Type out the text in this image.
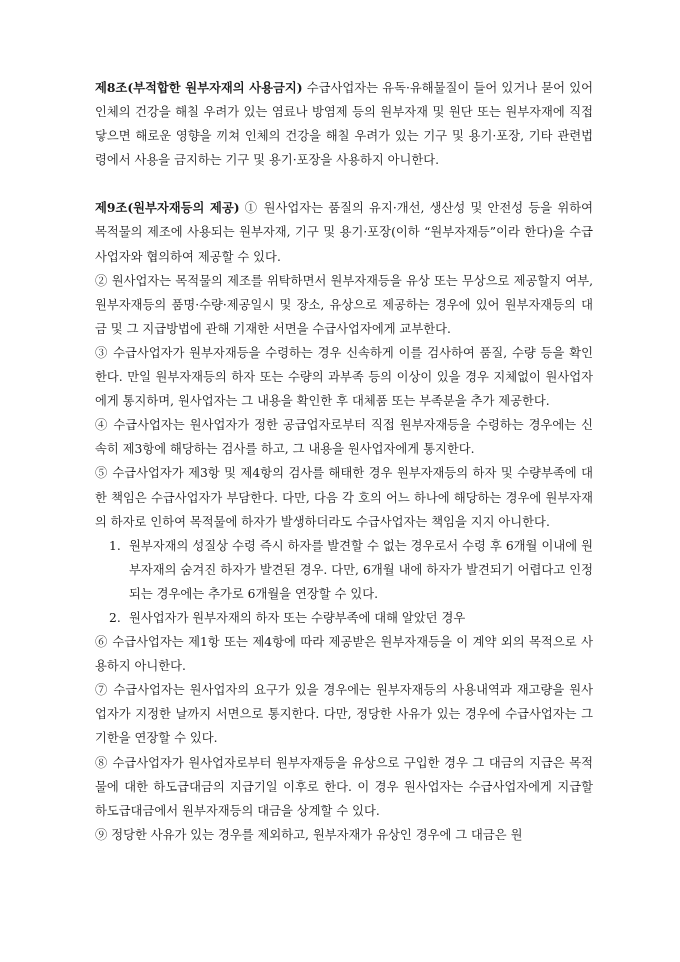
제8조(부적합한 원부자재의 사용금지) 수급사업자는 유독·유해물질이 들어 있거나 묻어 있어 인체의 건강을 해칠 우려가 있는 염료나 방염제 등의 원부자재 및 원단 또는 원부자재에 직접 닿으면 해로운 영향을 끼쳐 인체의 건강을 해칠 우려가 있는 기구 및 용기·포장, 기타 관련법령에서 사용을 금지하는 기구 및 용기·포장을 사용하지 아니한다.

제9조(원부자재등의 제공) ① 원사업자는 품질의 유지·개선, 생산성 및 안전성 등을 위하여 목적물의 제조에 사용되는 원부자재, 기구 및 용기·포장(이하 “원부자재등”이라 한다)을 수급사업자와 협의하여 제공할 수 있다.

② 원사업자는 목적물의 제조를 위탁하면서 원부자재등을 유상 또는 무상으로 제공할지 여부, 원부자재등의 품명·수량·제공일시 및 장소, 유상으로 제공하는 경우에 있어 원부자재등의 대금 및 그 지급방법에 관해 기재한 서면을 수급사업자에게 교부한다.

③ 수급사업자가 원부자재등을 수령하는 경우 신속하게 이를 검사하여 품질, 수량 등을 확인한다. 만일 원부자재등의 하자 또는 수량의 과부족 등의 이상이 있을 경우 지체없이 원사업자에게 통지하며, 원사업자는 그 내용을 확인한 후 대체품 또는 부족분을 추가 제공한다.

④ 수급사업자는 원사업자가 정한 공급업자로부터 직접 원부자재등을 수령하는 경우에는 신속히 제3항에 해당하는 검사를 하고, 그 내용을 원사업자에게 통지한다.

⑤ 수급사업자가 제3항 및 제4항의 검사를 해태한 경우 원부자재등의 하자 및 수량부족에 대한 책임은 수급사업자가 부담한다. 다만, 다음 각 호의 어느 하나에 해당하는 경우에 원부자재의 하자로 인하여 목적물에 하자가 발생하더라도 수급사업자는 책임을 지지 아니한다.

1. 원부자재의 성질상 수령 즉시 하자를 발견할 수 없는 경우로서 수령 후 6개월 이내에 원부자재의 숨겨진 하자가 발견된 경우. 다만, 6개월 내에 하자가 발견되기 어렵다고 인정되는 경우에는 추가로 6개월을 연장할 수 있다.
2. 원사업자가 원부자재의 하자 또는 수량부족에 대해 알았던 경우

⑥ 수급사업자는 제1항 또는 제4항에 따라 제공받은 원부자재등을 이 계약 외의 목적으로 사용하지 아니한다.

⑦ 수급사업자는 원사업자의 요구가 있을 경우에는 원부자재등의 사용내역과 재고량을 원사업자가 지정한 날까지 서면으로 통지한다. 다만, 정당한 사유가 있는 경우에 수급사업자는 그 기한을 연장할 수 있다.

⑧ 수급사업자가 원사업자로부터 원부자재등을 유상으로 구입한 경우 그 대금의 지급은 목적물에 대한 하도급대금의 지급기일 이후로 한다. 이 경우 원사업자는 수급사업자에게 지급할 하도급대금에서 원부자재등의 대금을 상계할 수 있다.

⑨ 정당한 사유가 있는 경우를 제외하고, 원부자재가 유상인 경우에 그 대금은 원
